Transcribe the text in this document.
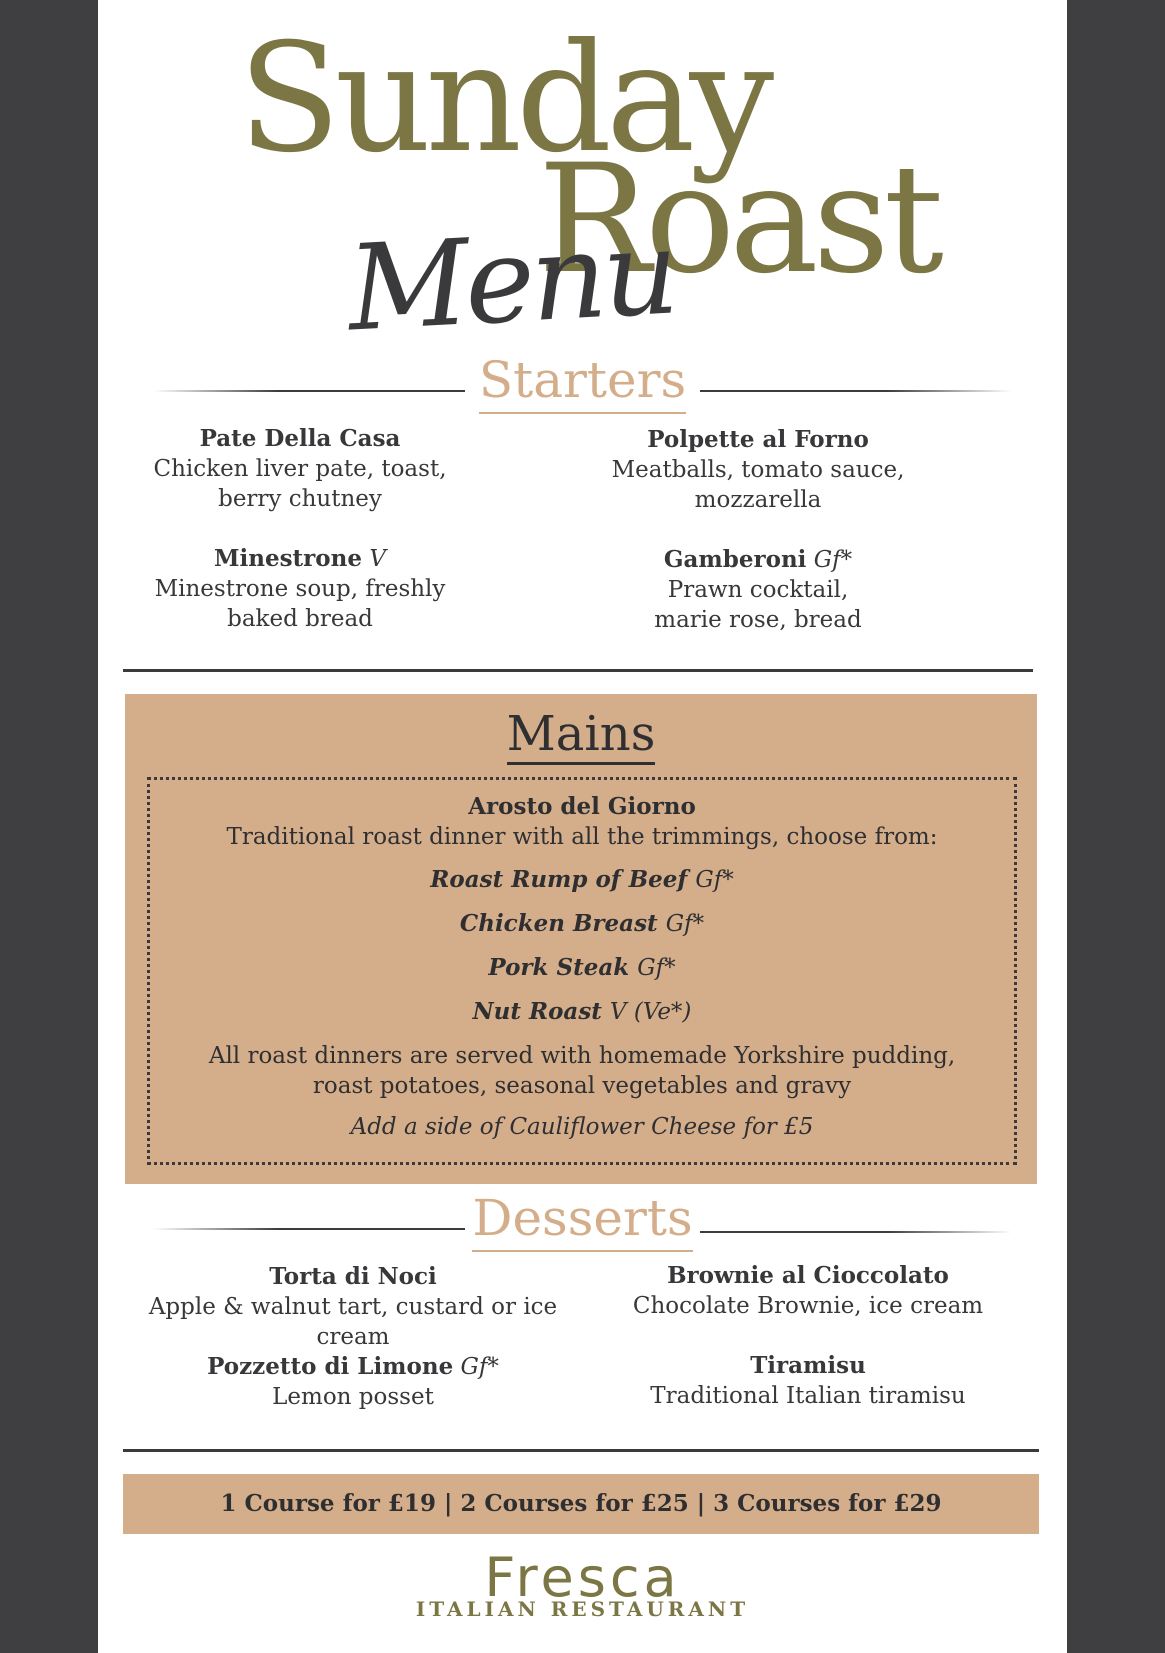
Sunday
Roast
Menu
Starters
Pate Della Casa
Chicken liver pate, toast,
berry chutney
Polpette al Forno
Meatballs, tomato sauce,
mozzarella
Minestrone V
Minestrone soup, freshly
baked bread
Gamberoni Gf*
Prawn cocktail,
marie rose, bread
Mains
Arosto del Giorno
Traditional roast dinner with all the trimmings, choose from:
Roast Rump of Beef Gf*
Chicken Breast Gf*
Pork Steak Gf*
Nut Roast V (Ve*)
All roast dinners are served with homemade Yorkshire pudding,
roast potatoes, seasonal vegetables and gravy
Add a side of Cauliflower Cheese for £5
Desserts
Torta di Noci
Apple & walnut tart, custard or ice cream
Brownie al Cioccolato
Chocolate Brownie, ice cream
Pozzetto di Limone Gf*
Lemon posset
Tiramisu
Traditional Italian tiramisu
1 Course for £19 | 2 Courses for £25 | 3 Courses for £29
Fresca
ITALIAN RESTAURANT
